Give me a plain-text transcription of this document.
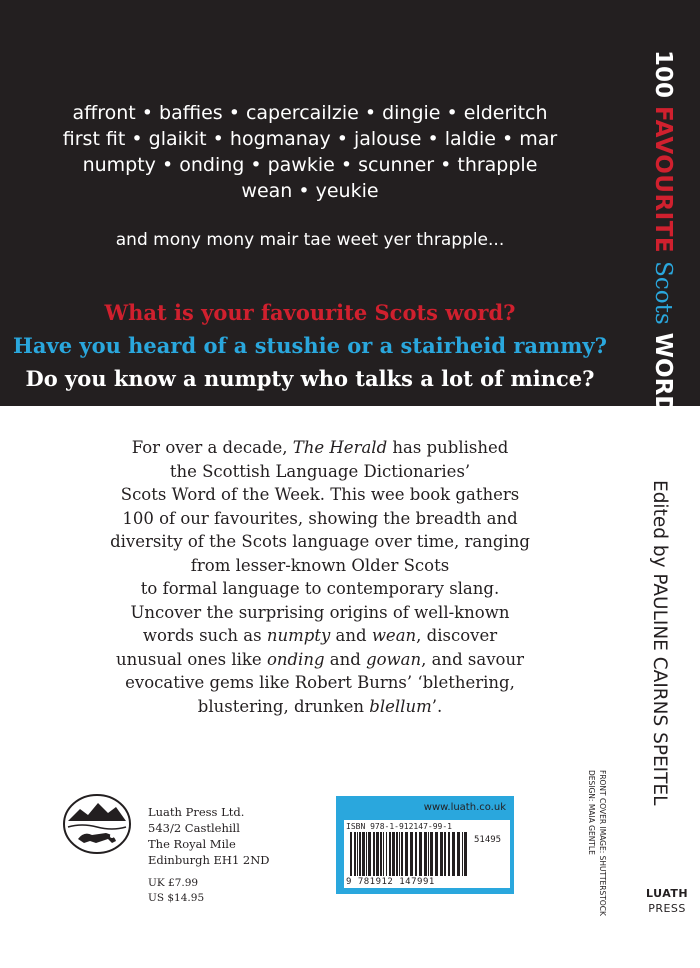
affront • baffies • capercailzie • dingie • elderitch
first fit • glaikit • hogmanay • jalouse • laldie • mar
numpty • onding • pawkie • scunner • thrapple
wean • yeukie
and mony mony mair tae weet yer thrapple...
What is your favourite Scots word?
Have you heard of a stushie or a stairheid rammy?
Do you know a numpty who talks a lot of mince?
100
FAVOURITE
Scots
WORDS
For over a decade, The Herald has published
the Scottish Language Dictionaries’
Scots Word of the Week. This wee book gathers
100 of our favourites, showing the breadth and
diversity of the Scots language over time, ranging
from lesser-known Older Scots
to formal language to contemporary slang.
Uncover the surprising origins of well-known
words such as numpty and wean, discover
unusual ones like onding and gowan, and savour
evocative gems like Robert Burns’ ‘blethering,
blustering, drunken blellum’.	Edited by PAULINE CAIRNS SPEITEL
Luath Press Ltd.
543/2 Castlehill
The Royal Mile
Edinburgh EH1 2ND
UK £7.99
US $14.95
www.luath.co.uk
ISBN 978-1-912147-99-1
51495
9 781912 147991	FRONT COVER IMAGE: SHUTTERSTOCK
DESIGN: MAIA GENTLE
LUATH
PRESS
